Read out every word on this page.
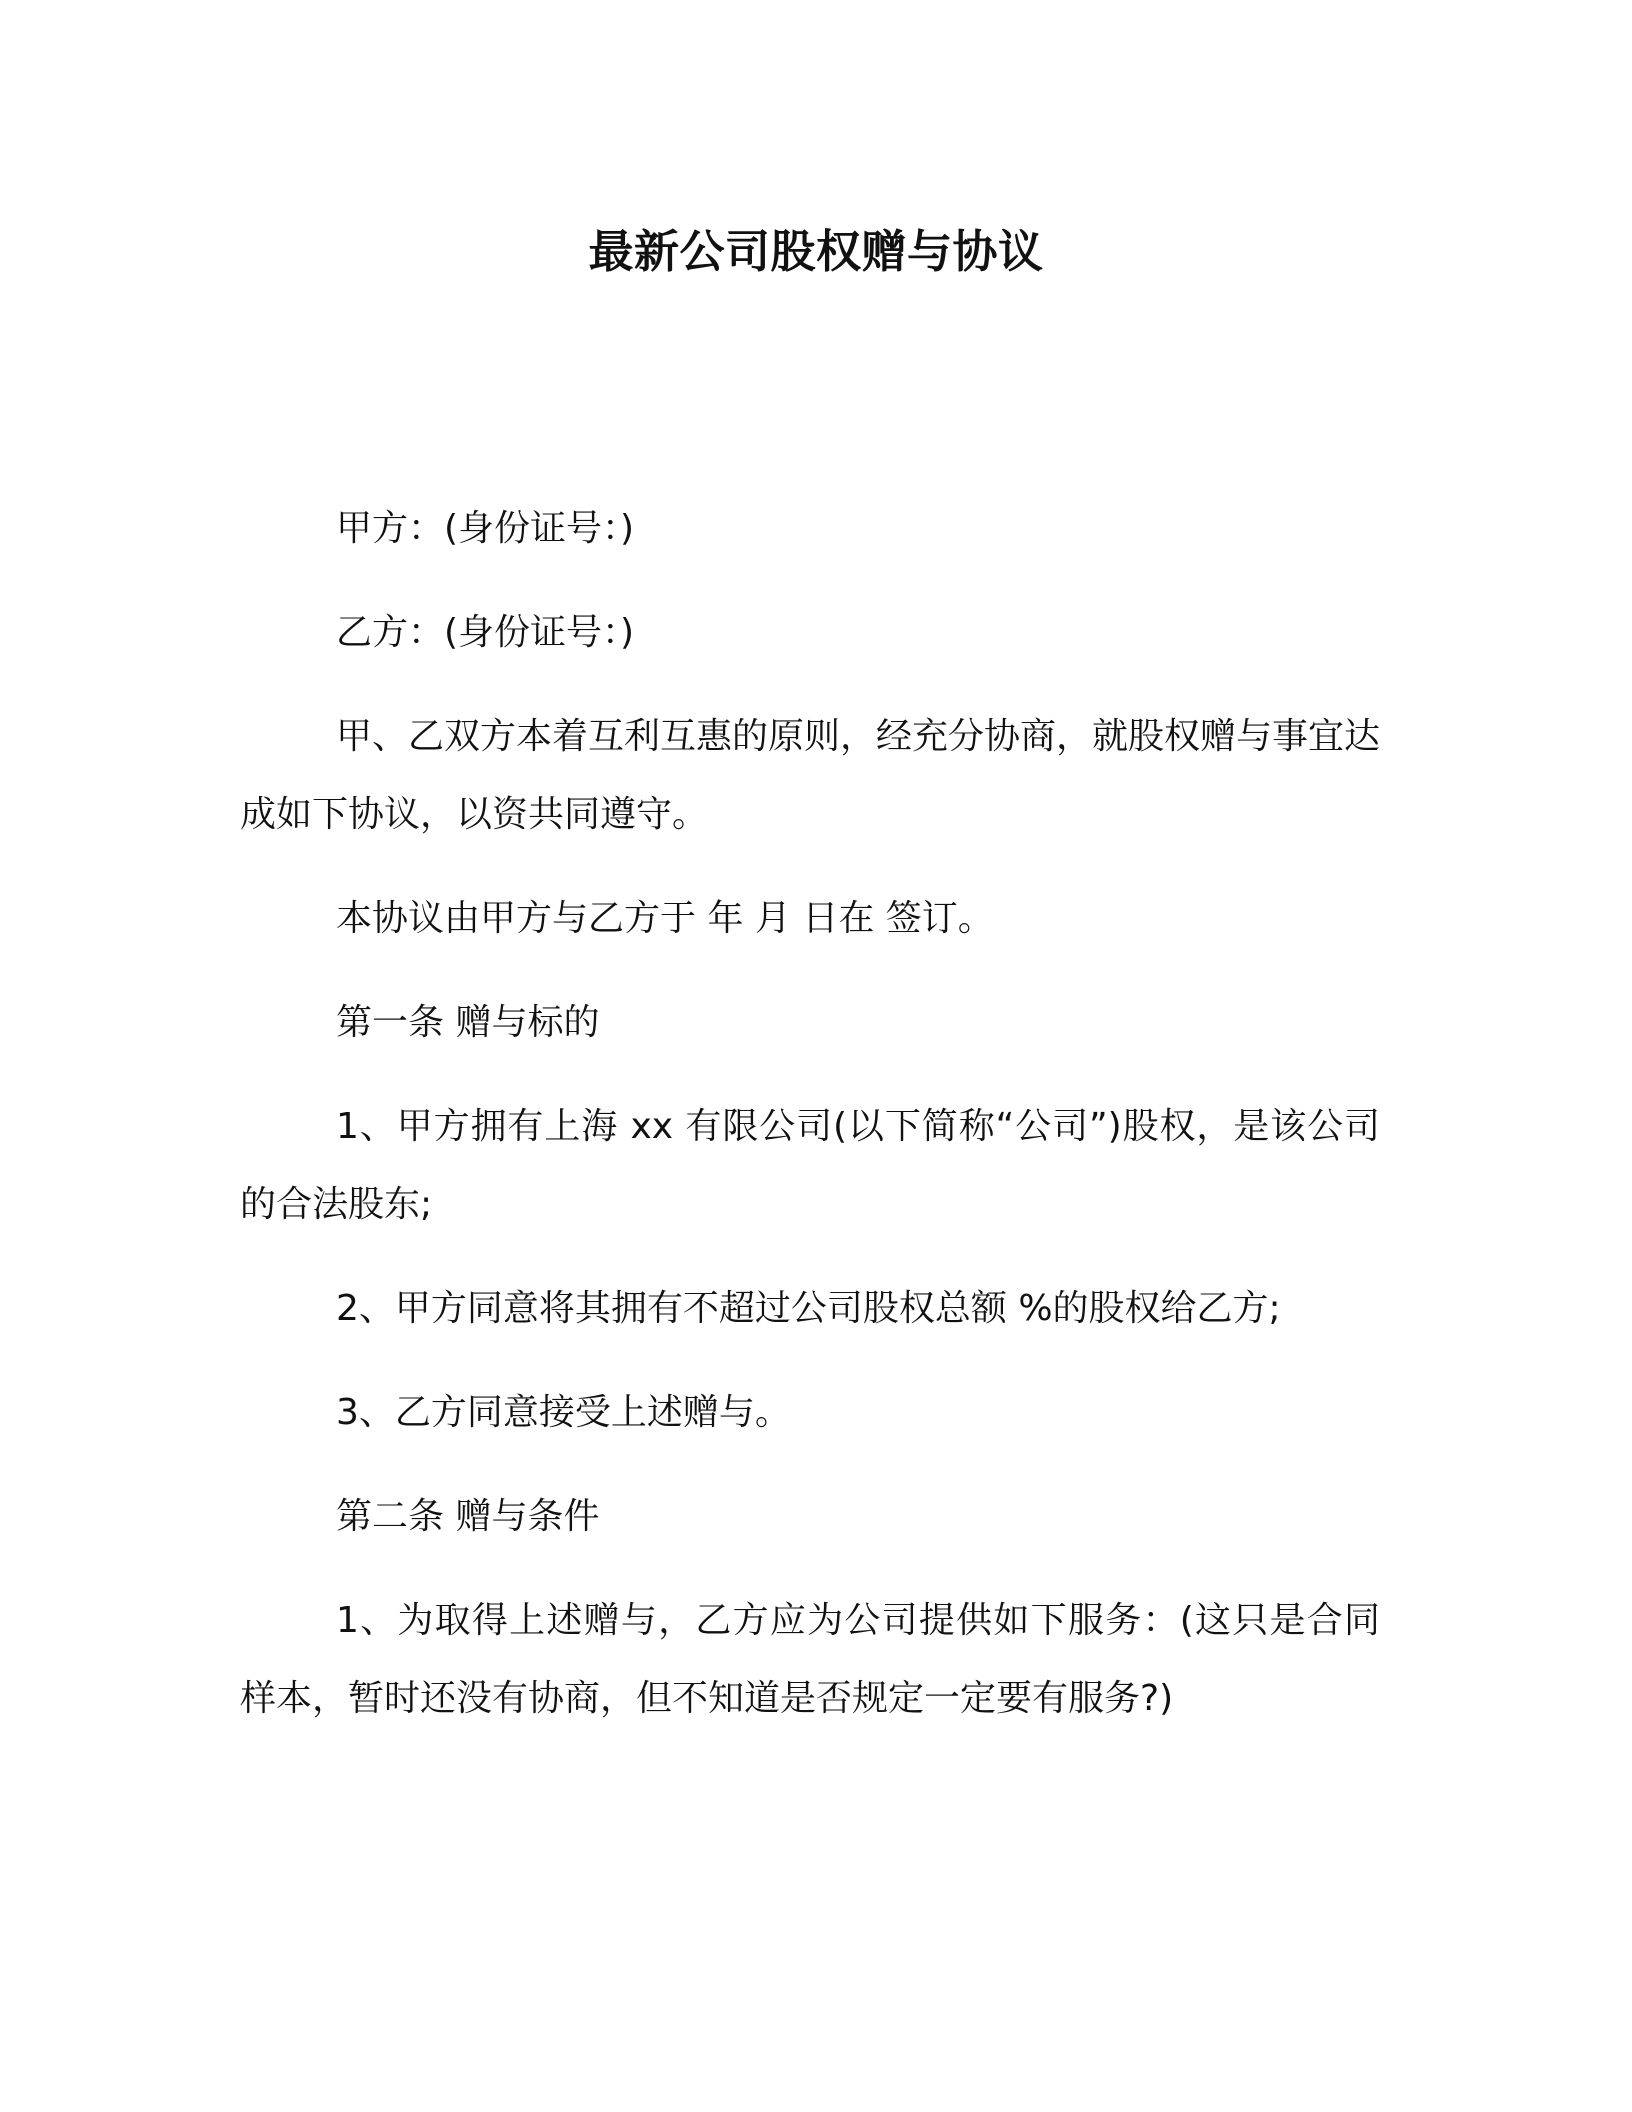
最新公司股权赠与协议

甲方：(身份证号：)

乙方：(身份证号：)

甲、乙双方本着互利互惠的原则，经充分协商，就股权赠与事宜达成如下协议，以资共同遵守。

本协议由甲方与乙方于 年 月 日在 签订。

第一条 赠与标的

1、甲方拥有上海 xx 有限公司(以下简称“公司”)股权，是该公司的合法股东;

2、甲方同意将其拥有不超过公司股权总额 %的股权给乙方;

3、乙方同意接受上述赠与。

第二条 赠与条件

1、为取得上述赠与，乙方应为公司提供如下服务：(这只是合同样本，暂时还没有协商，但不知道是否规定一定要有服务?)
